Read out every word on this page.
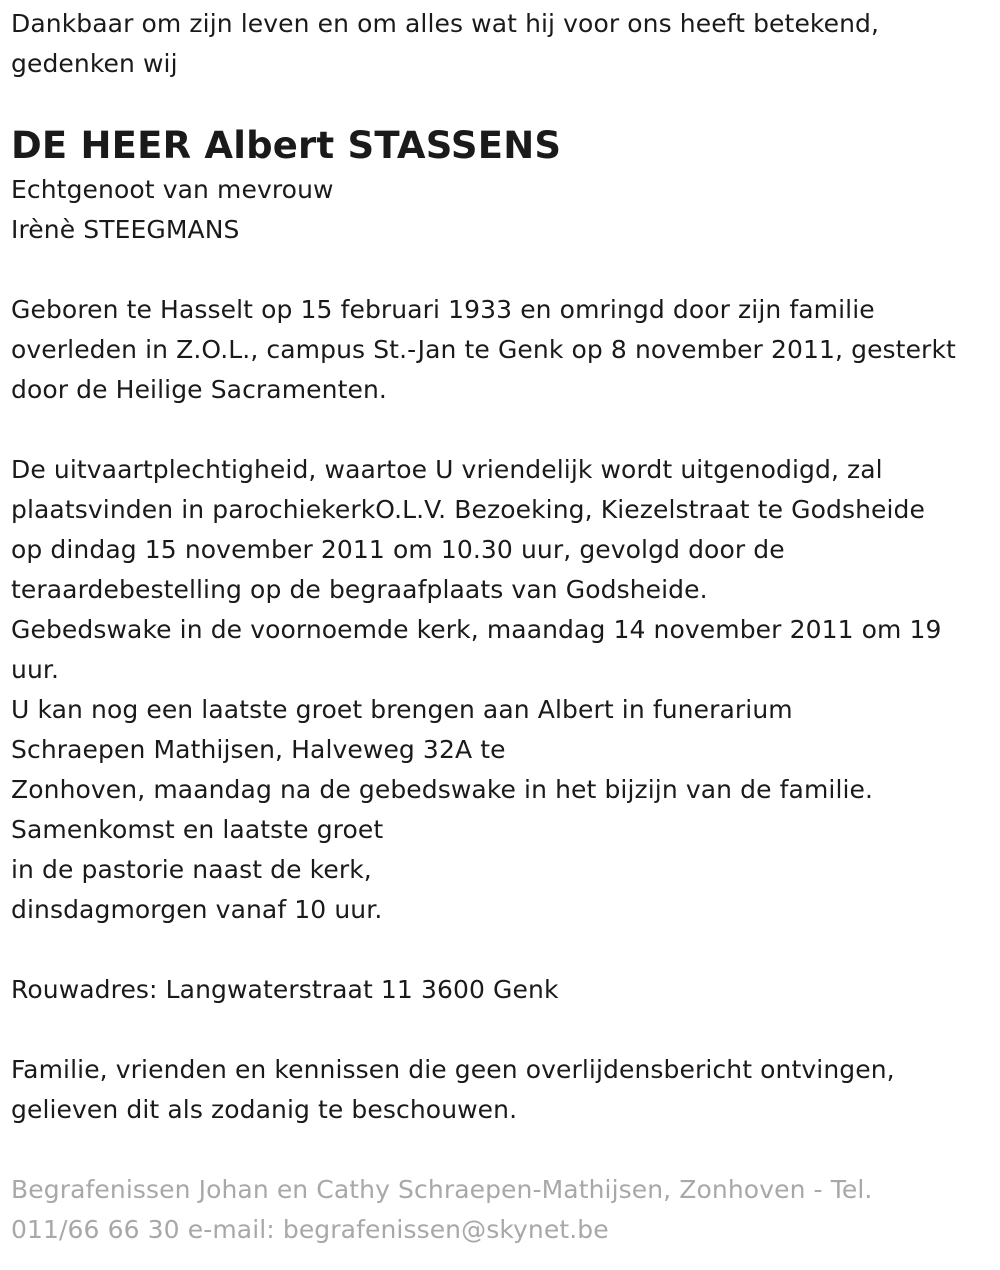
Dankbaar om zijn leven en om alles wat hij voor ons heeft betekend,
gedenken wij
DE HEER Albert STASSENS
Echtgenoot van mevrouw
Irènè STEEGMANS
Geboren te Hasselt op 15 februari 1933 en omringd door zijn familie
overleden in Z.O.L., campus St.-Jan te Genk op 8 november 2011, gesterkt
door de Heilige Sacramenten.
De uitvaartplechtigheid, waartoe U vriendelijk wordt uitgenodigd, zal
plaatsvinden in parochiekerkO.L.V. Bezoeking, Kiezelstraat te Godsheide
op dindag 15 november 2011 om 10.30 uur, gevolgd door de
teraardebestelling op de begraafplaats van Godsheide.
Gebedswake in de voornoemde kerk, maandag 14 november 2011 om 19
uur.
U kan nog een laatste groet brengen aan Albert in funerarium
Schraepen Mathijsen, Halveweg 32A te
Zonhoven, maandag na de gebedswake in het bijzijn van de familie.
Samenkomst en laatste groet
in de pastorie naast de kerk,
dinsdagmorgen vanaf 10 uur.
Rouwadres: Langwaterstraat 11 3600 Genk
Familie, vrienden en kennissen die geen overlijdensbericht ontvingen,
gelieven dit als zodanig te beschouwen.
Begrafenissen Johan en Cathy Schraepen-Mathijsen, Zonhoven - Tel.
011/66 66 30 e-mail: begrafenissen@skynet.be
